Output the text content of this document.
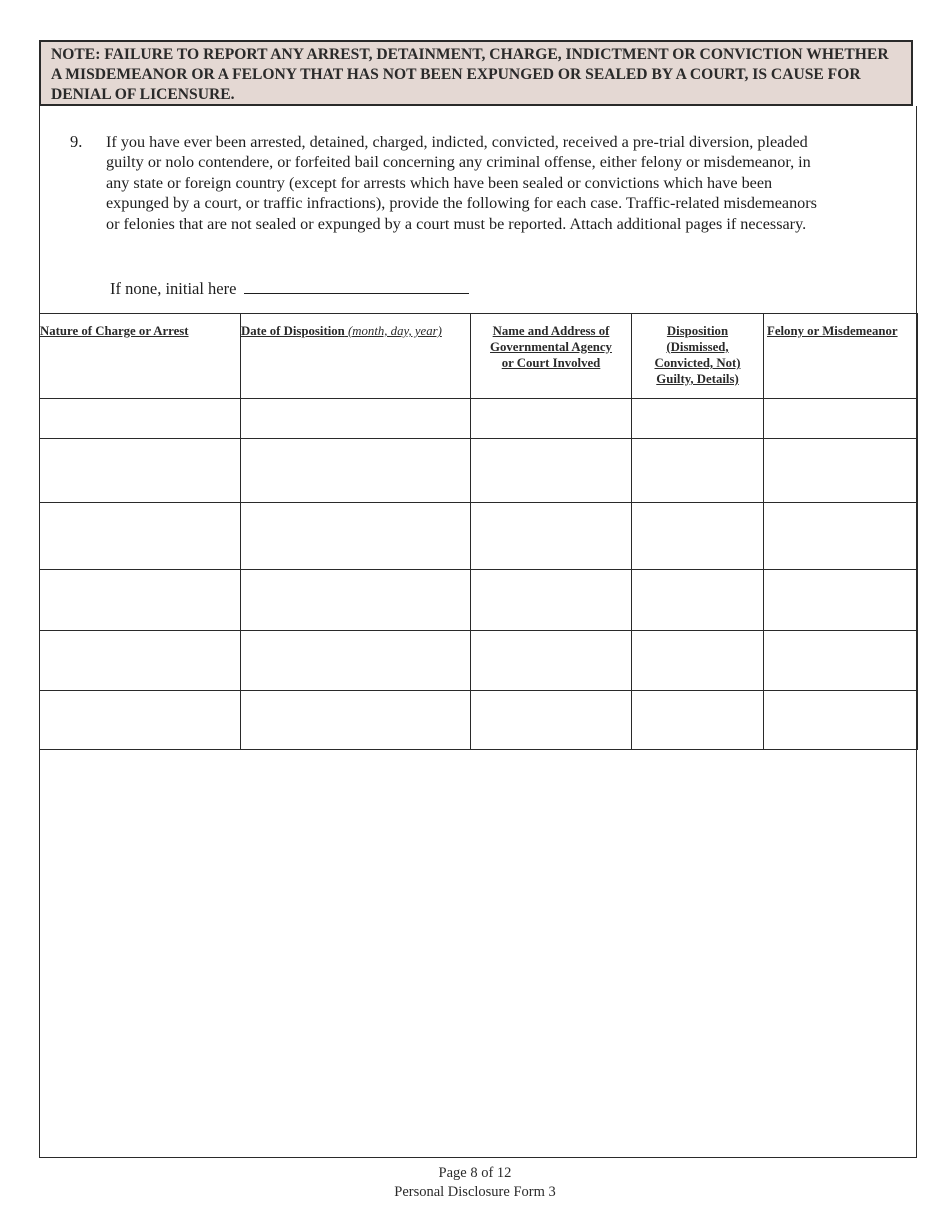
NOTE: FAILURE TO REPORT ANY ARREST, DETAINMENT, CHARGE, INDICTMENT OR CONVICTION WHETHER A MISDEMEANOR OR A FELONY THAT HAS NOT BEEN EXPUNGED OR SEALED BY A COURT, IS CAUSE FOR DENIAL OF LICENSURE.
9. If you have ever been arrested, detained, charged, indicted, convicted, received a pre-trial diversion, pleaded guilty or nolo contendere, or forfeited bail concerning any criminal offense, either felony or misdemeanor, in any state or foreign country (except for arrests which have been sealed or convictions which have been expunged by a court, or traffic infractions), provide the following for each case. Traffic-related misdemeanors or felonies that are not sealed or expunged by a court must be reported. Attach additional pages if necessary.
If none, initial here
Nature of Charge or Arrest	Date of Disposition (month, day, year)	Name and Address of Governmental Agency or Court Involved	Disposition (Dismissed, Convicted, Not) Guilty, Details)	Felony or Misdemeanor

Page 8 of 12
Personal Disclosure Form 3
